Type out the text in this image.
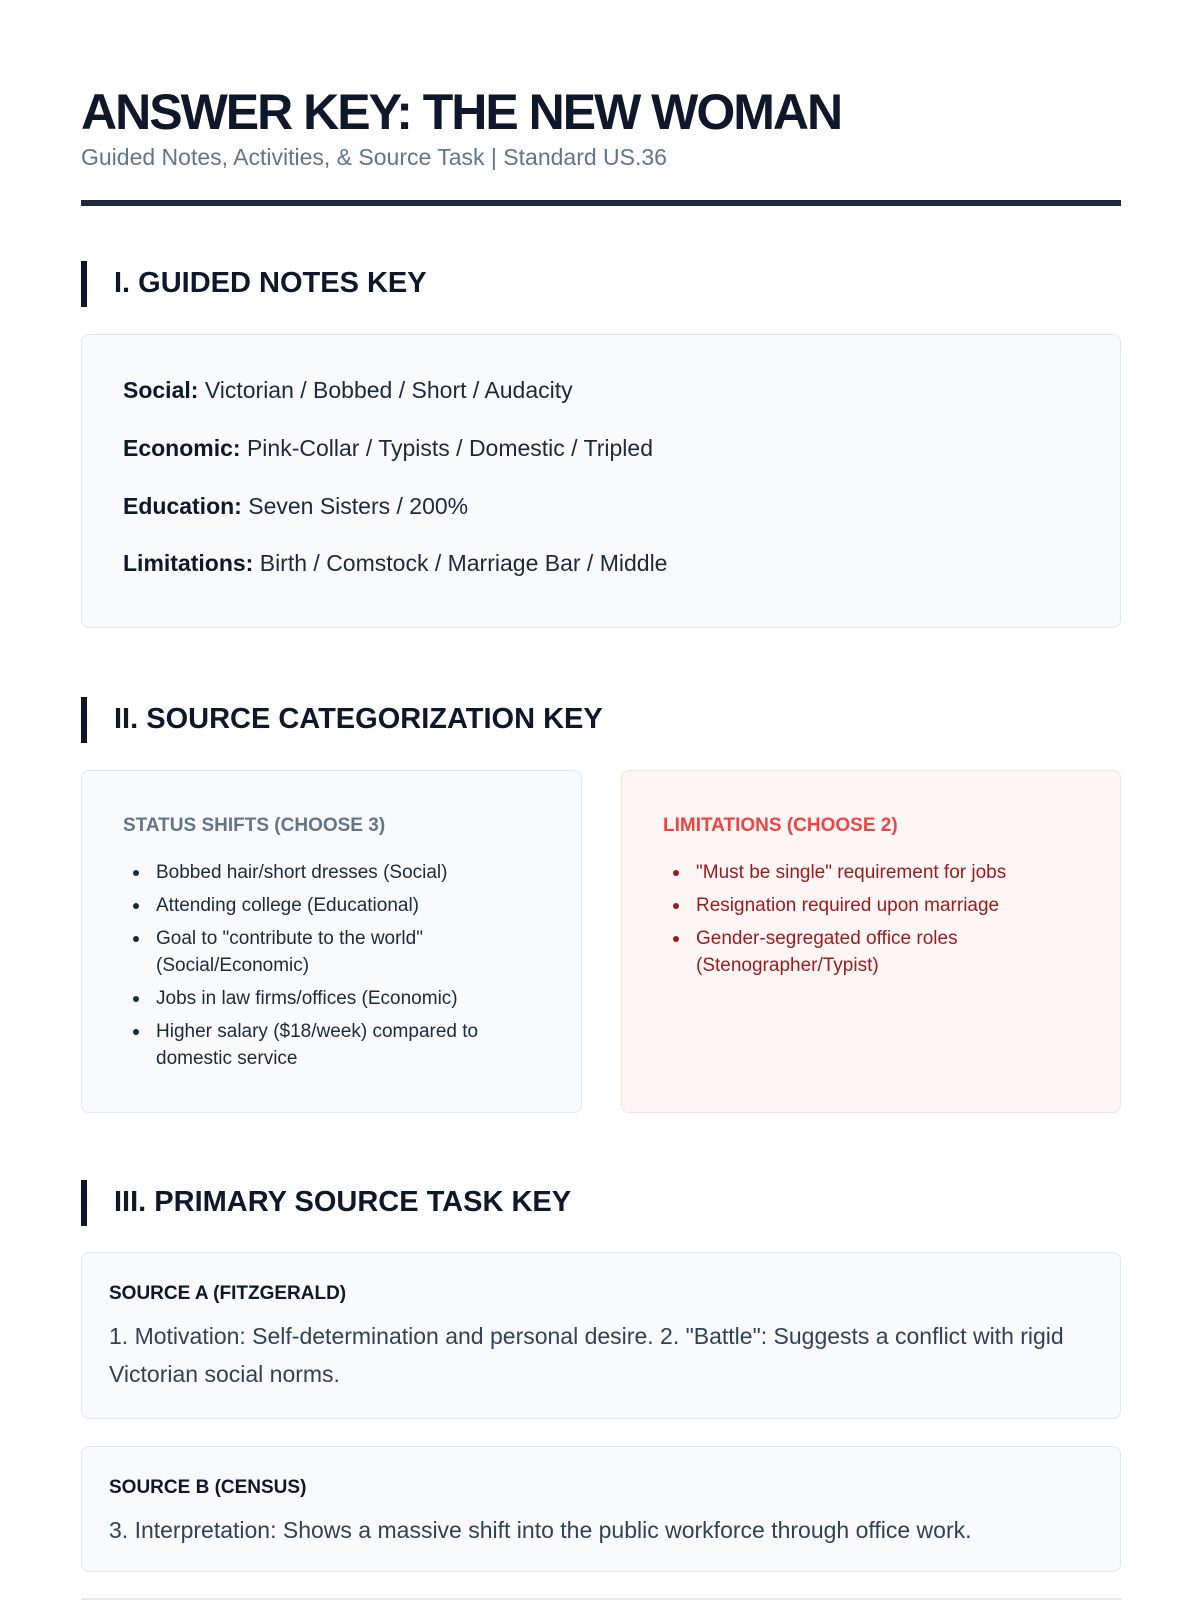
ANSWER KEY: THE NEW WOMAN
Guided Notes, Activities, & Source Task | Standard US.36
I. GUIDED NOTES KEY
Social: Victorian / Bobbed / Short / Audacity
Economic: Pink-Collar / Typists / Domestic / Tripled
Education: Seven Sisters / 200%
Limitations: Birth / Comstock / Marriage Bar / Middle
II. SOURCE CATEGORIZATION KEY
STATUS SHIFTS (CHOOSE 3)
Bobbed hair/short dresses (Social)
Attending college (Educational)
Goal to "contribute to the world" (Social/Economic)
Jobs in law firms/offices (Economic)
Higher salary ($18/week) compared to domestic service
LIMITATIONS (CHOOSE 2)
"Must be single" requirement for jobs
Resignation required upon marriage
Gender-segregated office roles (Stenographer/Typist)
III. PRIMARY SOURCE TASK KEY
SOURCE A (FITZGERALD)
1. Motivation: Self-determination and personal desire. 2. "Battle": Suggests a conflict with rigid Victorian social norms.
SOURCE B (CENSUS)
3. Interpretation: Shows a massive shift into the public workforce through office work.
